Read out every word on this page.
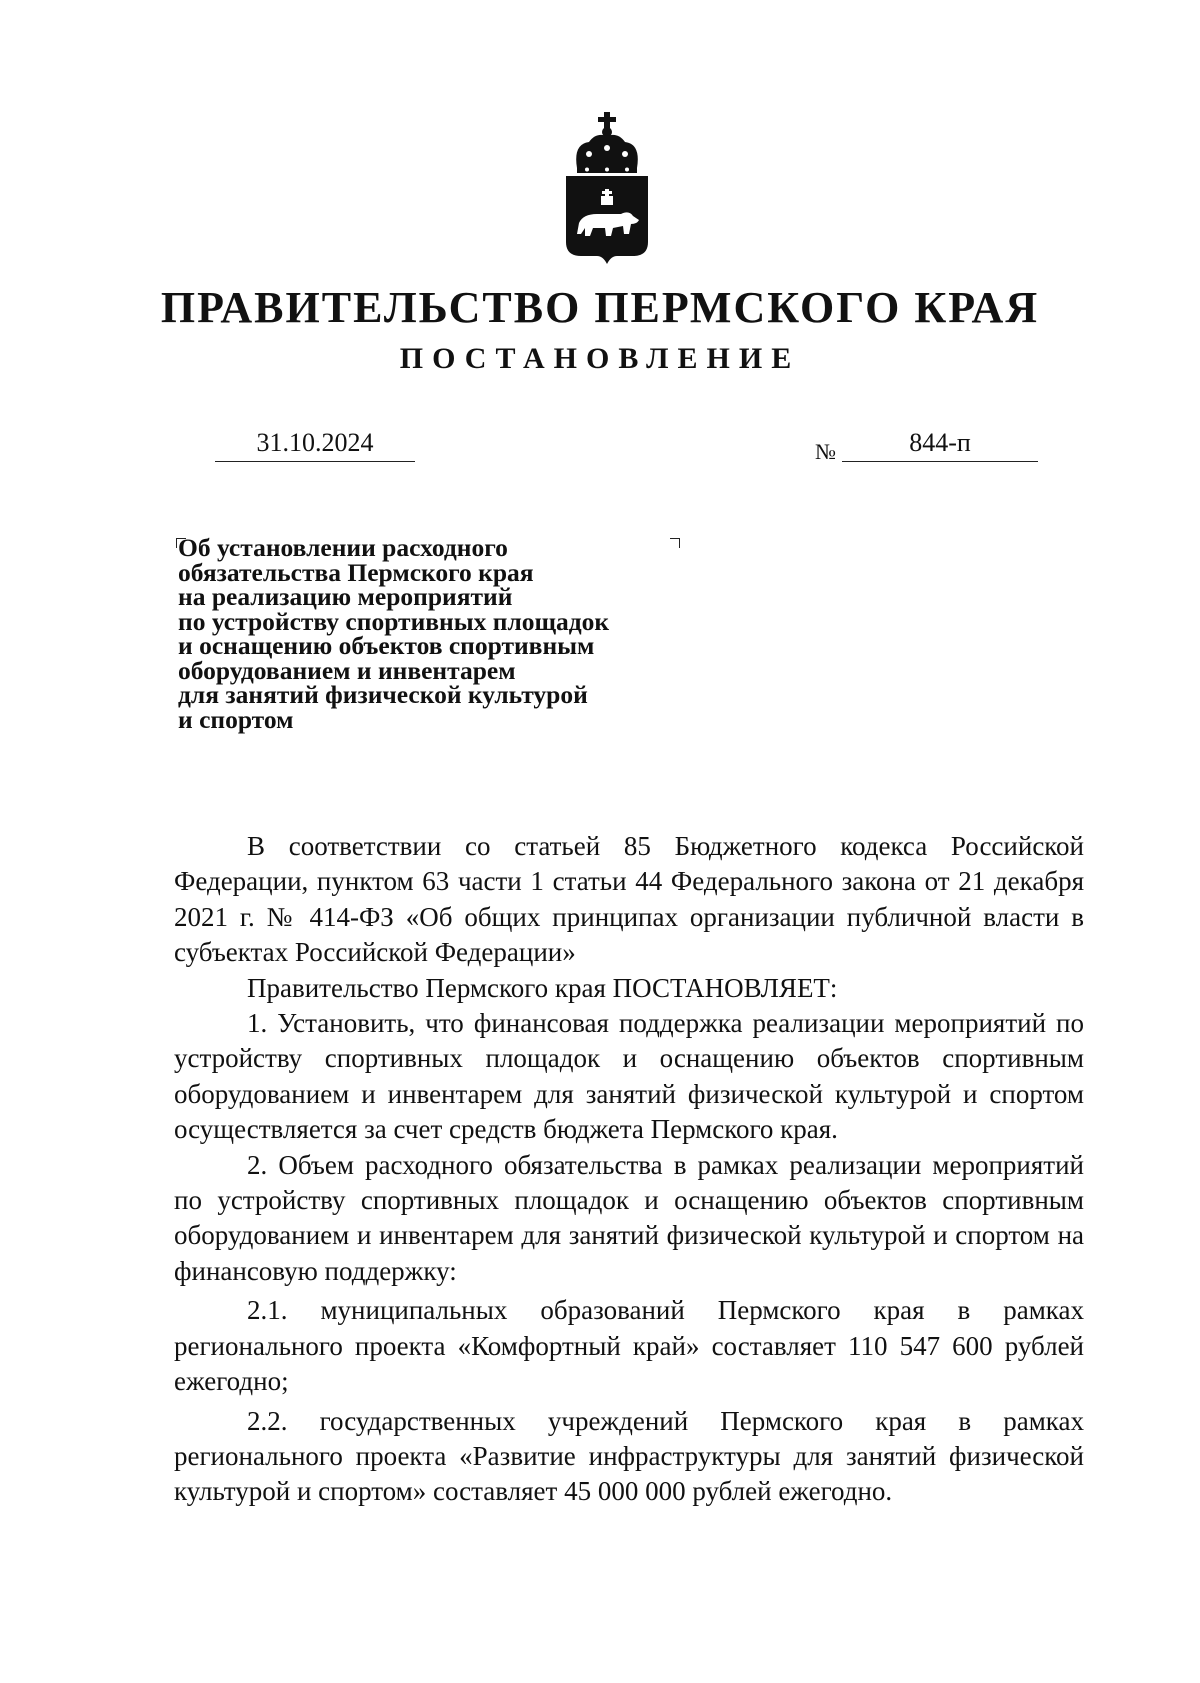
ПРАВИТЕЛЬСТВО ПЕРМСКОГО КРАЯ
ПОСТАНОВЛЕНИЕ
31.10.2024	№	844-п
Об установлении расходного
обязательства Пермского края
на реализацию мероприятий
по устройству спортивных площадок
и оснащению объектов спортивным
оборудованием и инвентарем
для занятий физической культурой
и спортом

В соответствии со статьей 85 Бюджетного кодекса Российской Федерации, пунктом 63 части 1 статьи 44 Федерального закона от 21 декабря 2021 г. № 414-ФЗ «Об общих принципах организации публичной власти в субъектах Российской Федерации»

Правительство Пермского края ПОСТАНОВЛЯЕТ:

1. Установить, что финансовая поддержка реализации мероприятий по устройству спортивных площадок и оснащению объектов спортивным оборудованием и инвентарем для занятий физической культурой и спортом осуществляется за счет средств бюджета Пермского края.

2. Объем расходного обязательства в рамках реализации мероприятий по устройству спортивных площадок и оснащению объектов спортивным оборудованием и инвентарем для занятий физической культурой и спортом на финансовую поддержку:

2.1. муниципальных образований Пермского края в рамках регионального проекта «Комфортный край» составляет 110 547 600 рублей ежегодно;

2.2. государственных учреждений Пермского края в рамках регионального проекта «Развитие инфраструктуры для занятий физической культурой и спортом» составляет 45 000 000 рублей ежегодно.
